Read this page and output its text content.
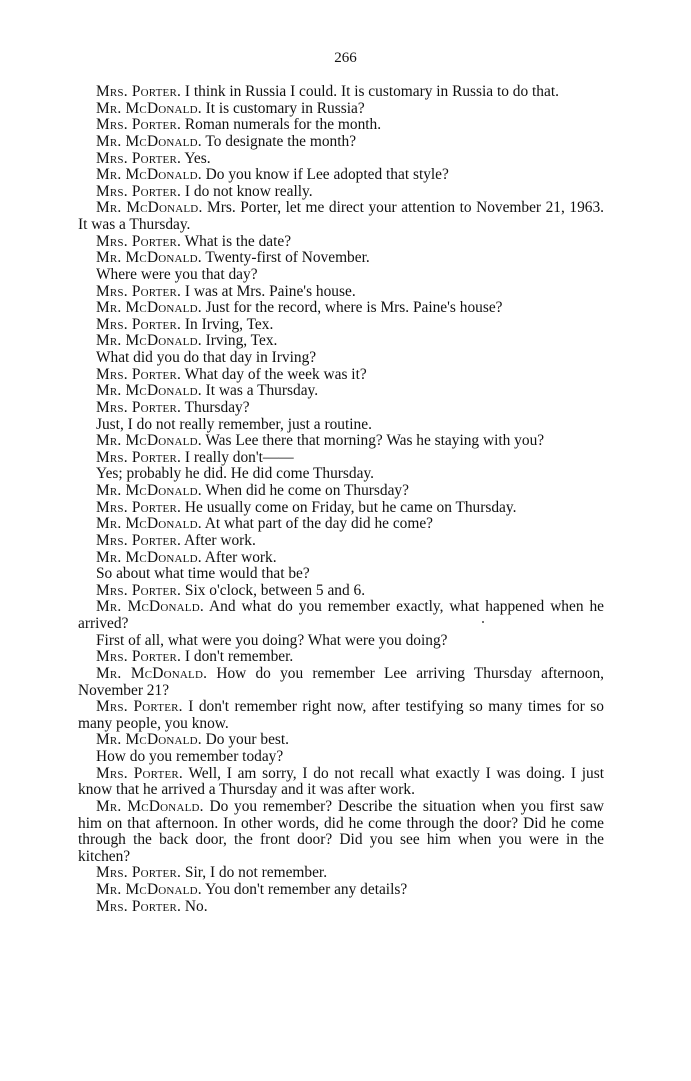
266

Mrs. Porter. I think in Russia I could. It is customary in Russia to do that.

Mr. McDonald. It is customary in Russia?

Mrs. Porter. Roman numerals for the month.

Mr. McDonald. To designate the month?

Mrs. Porter. Yes.

Mr. McDonald. Do you know if Lee adopted that style?

Mrs. Porter. I do not know really.

Mr. McDonald. Mrs. Porter, let me direct your attention to November 21, 1963. It was a Thursday.

Mrs. Porter. What is the date?

Mr. McDonald. Twenty-first of November.

Where were you that day?

Mrs. Porter. I was at Mrs. Paine's house.

Mr. McDonald. Just for the record, where is Mrs. Paine's house?

Mrs. Porter. In Irving, Tex.

Mr. McDonald. Irving, Tex.

What did you do that day in Irving?

Mrs. Porter. What day of the week was it?

Mr. McDonald. It was a Thursday.

Mrs. Porter. Thursday?

Just, I do not really remember, just a routine.

Mr. McDonald. Was Lee there that morning? Was he staying with you?

Mrs. Porter. I really don't——

Yes; probably he did. He did come Thursday.

Mr. McDonald. When did he come on Thursday?

Mrs. Porter. He usually come on Friday, but he came on Thursday.

Mr. McDonald. At what part of the day did he come?

Mrs. Porter. After work.

Mr. McDonald. After work.

So about what time would that be?

Mrs. Porter. Six o'clock, between 5 and 6.

Mr. McDonald. And what do you remember exactly, what happened when he arrived?

First of all, what were you doing? What were you doing?

Mrs. Porter. I don't remember.

Mr. McDonald. How do you remember Lee arriving Thursday afternoon, November 21?

Mrs. Porter. I don't remember right now, after testifying so many times for so many people, you know.

Mr. McDonald. Do your best.

How do you remember today?

Mrs. Porter. Well, I am sorry, I do not recall what exactly I was doing. I just know that he arrived a Thursday and it was after work.

Mr. McDonald. Do you remember? Describe the situation when you first saw him on that afternoon. In other words, did he come through the door? Did he come through the back door, the front door? Did you see him when you were in the kitchen?

Mrs. Porter. Sir, I do not remember.

Mr. McDonald. You don't remember any details?

Mrs. Porter. No.
